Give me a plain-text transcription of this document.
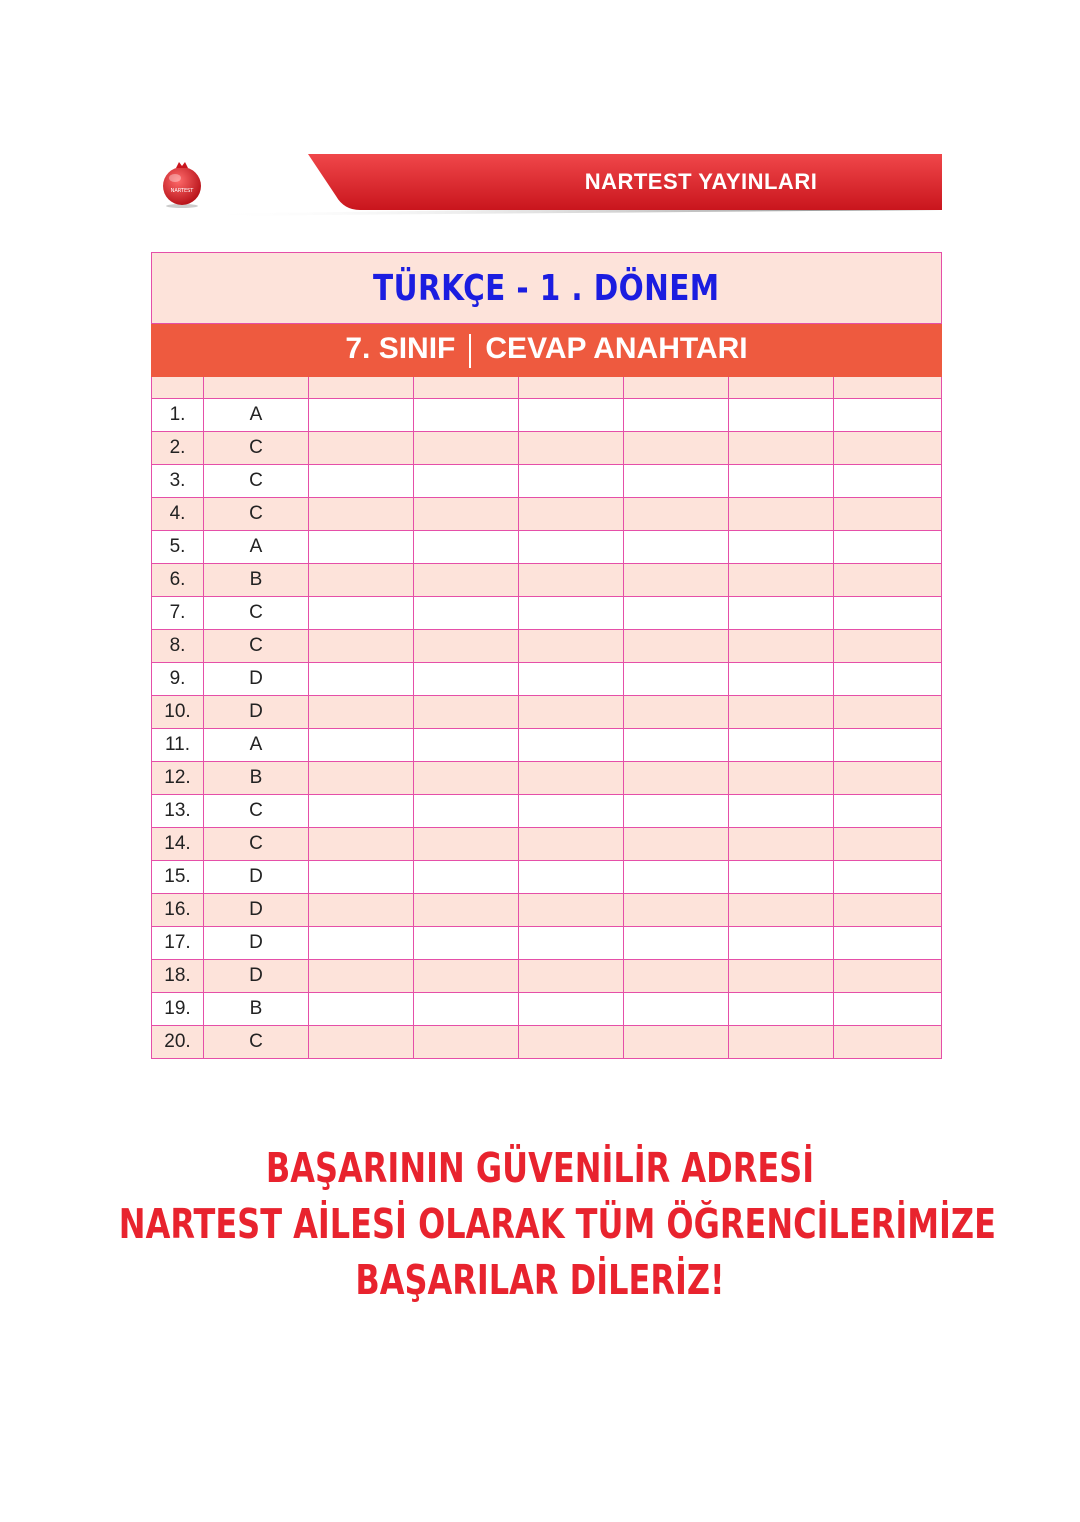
NARTEST	NARTEST YAYINLARI
TÜRKÇE - 1 . DÖNEM							
7. SINIF CEVAP ANAHTARI							

1.	A						
2.	C						
3.	C						
4.	C						
5.	A						
6.	B						
7.	C						
8.	C						
9.	D						
10.	D						
11.	A						
12.	B						
13.	C						
14.	C						
15.	D						
16.	D						
17.	D						
18.	D						
19.	B						
20.	C						
BAŞARININ GÜVENİLİR ADRESİ
NARTEST AİLESİ OLARAK TÜM ÖĞRENCİLERİMİZE
BAŞARILAR DİLERİZ!
